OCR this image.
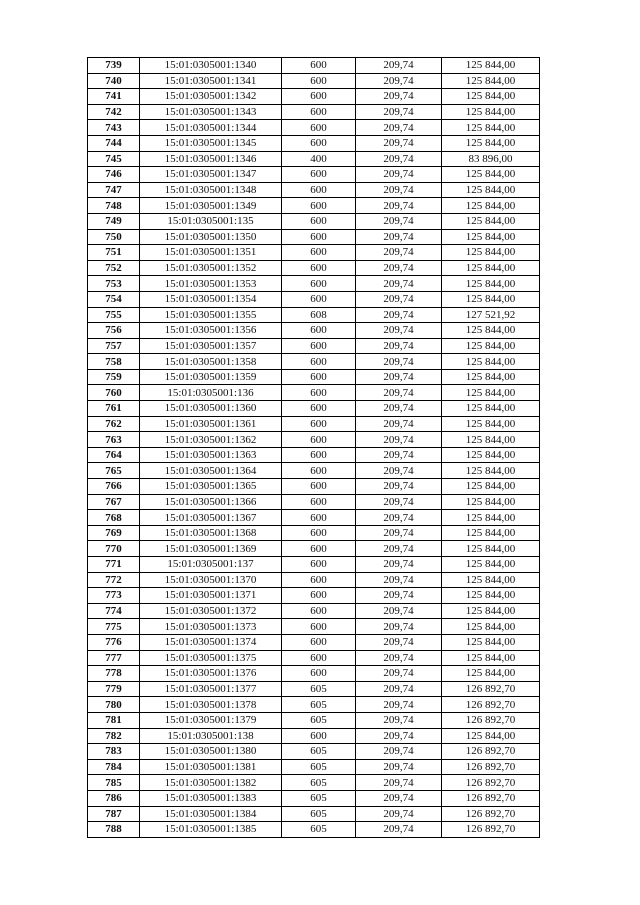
739	15:01:0305001:1340	600	209,74	125 844,00
740	15:01:0305001:1341	600	209,74	125 844,00
741	15:01:0305001:1342	600	209,74	125 844,00
742	15:01:0305001:1343	600	209,74	125 844,00
743	15:01:0305001:1344	600	209,74	125 844,00
744	15:01:0305001:1345	600	209,74	125 844,00
745	15:01:0305001:1346	400	209,74	83 896,00
746	15:01:0305001:1347	600	209,74	125 844,00
747	15:01:0305001:1348	600	209,74	125 844,00
748	15:01:0305001:1349	600	209,74	125 844,00
749	15:01:0305001:135	600	209,74	125 844,00
750	15:01:0305001:1350	600	209,74	125 844,00
751	15:01:0305001:1351	600	209,74	125 844,00
752	15:01:0305001:1352	600	209,74	125 844,00
753	15:01:0305001:1353	600	209,74	125 844,00
754	15:01:0305001:1354	600	209,74	125 844,00
755	15:01:0305001:1355	608	209,74	127 521,92
756	15:01:0305001:1356	600	209,74	125 844,00
757	15:01:0305001:1357	600	209,74	125 844,00
758	15:01:0305001:1358	600	209,74	125 844,00
759	15:01:0305001:1359	600	209,74	125 844,00
760	15:01:0305001:136	600	209,74	125 844,00
761	15:01:0305001:1360	600	209,74	125 844,00
762	15:01:0305001:1361	600	209,74	125 844,00
763	15:01:0305001:1362	600	209,74	125 844,00
764	15:01:0305001:1363	600	209,74	125 844,00
765	15:01:0305001:1364	600	209,74	125 844,00
766	15:01:0305001:1365	600	209,74	125 844,00
767	15:01:0305001:1366	600	209,74	125 844,00
768	15:01:0305001:1367	600	209,74	125 844,00
769	15:01:0305001:1368	600	209,74	125 844,00
770	15:01:0305001:1369	600	209,74	125 844,00
771	15:01:0305001:137	600	209,74	125 844,00
772	15:01:0305001:1370	600	209,74	125 844,00
773	15:01:0305001:1371	600	209,74	125 844,00
774	15:01:0305001:1372	600	209,74	125 844,00
775	15:01:0305001:1373	600	209,74	125 844,00
776	15:01:0305001:1374	600	209,74	125 844,00
777	15:01:0305001:1375	600	209,74	125 844,00
778	15:01:0305001:1376	600	209,74	125 844,00
779	15:01:0305001:1377	605	209,74	126 892,70
780	15:01:0305001:1378	605	209,74	126 892,70
781	15:01:0305001:1379	605	209,74	126 892,70
782	15:01:0305001:138	600	209,74	125 844,00
783	15:01:0305001:1380	605	209,74	126 892,70
784	15:01:0305001:1381	605	209,74	126 892,70
785	15:01:0305001:1382	605	209,74	126 892,70
786	15:01:0305001:1383	605	209,74	126 892,70
787	15:01:0305001:1384	605	209,74	126 892,70
788	15:01:0305001:1385	605	209,74	126 892,70
